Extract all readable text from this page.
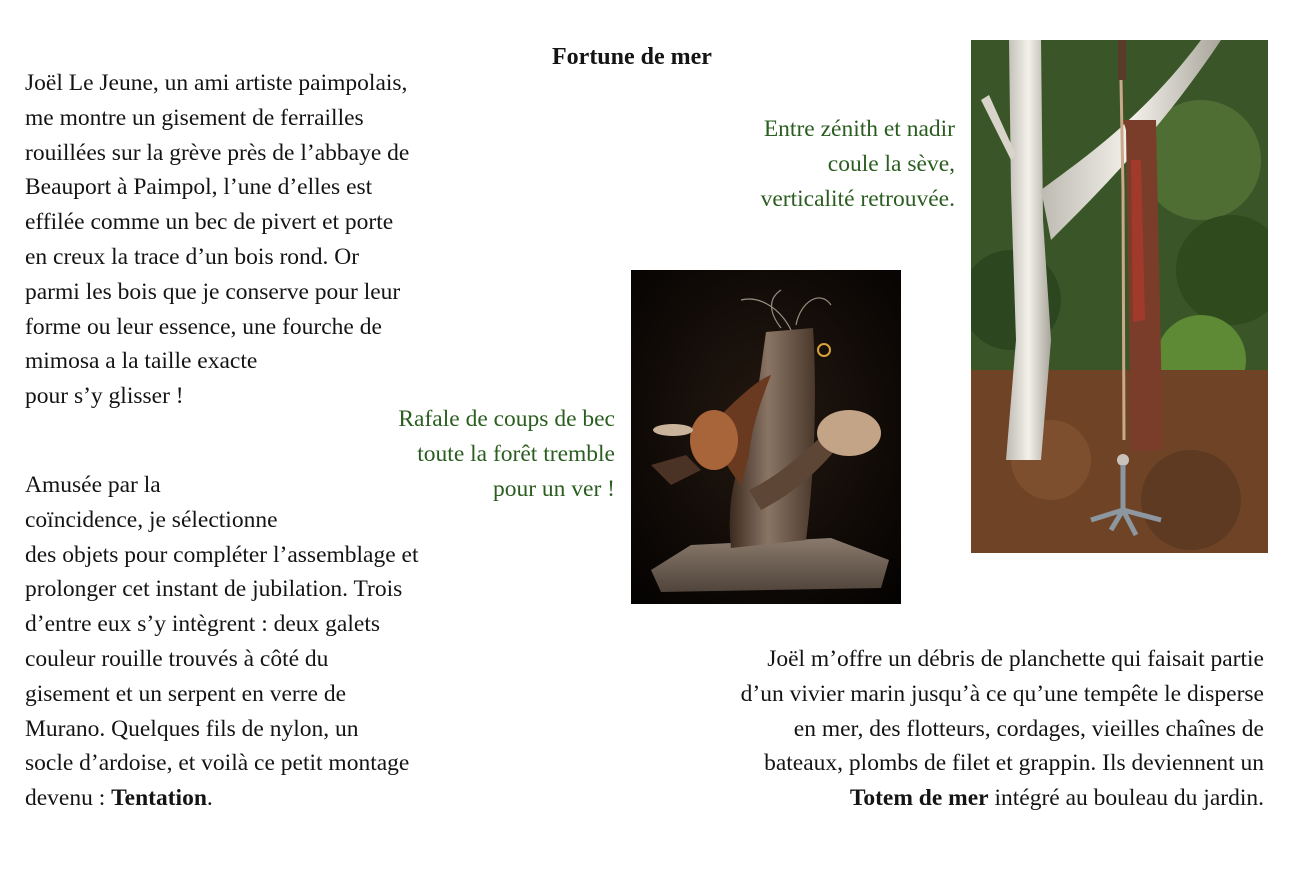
Fortune de mer
Joël Le Jeune, un ami artiste paimpolais,
me montre un gisement de ferrailles
rouillées sur la grève près de l’abbaye de
Beauport à Paimpol, l’une d’elles est
effilée comme un bec de pivert et porte
en creux la trace d’un bois rond. Or
parmi les bois que je conserve pour leur
forme ou leur essence, une fourche de
mimosa a la taille exacte
pour s’y glisser !
Amusée par la
coïncidence, je sélectionne
des objets pour compléter l’assemblage et
prolonger cet instant de jubilation. Trois
d’entre eux s’y intègrent : deux galets
couleur rouille trouvés à côté du
gisement et un serpent en verre de
Murano. Quelques fils de nylon, un
socle d’ardoise, et voilà ce petit montage
devenu : Tentation.
Entre zénith et nadir
coule la sève,
verticalité retrouvée.
Rafale de coups de bec
toute la forêt tremble
pour un ver !
Joël m’offre un débris de planchette qui faisait partie
d’un vivier marin jusqu’à ce qu’une tempête le disperse
en mer, des flotteurs, cordages, vieilles chaînes de
bateaux, plombs de filet et grappin. Ils deviennent un
Totem de mer intégré au bouleau du jardin.
